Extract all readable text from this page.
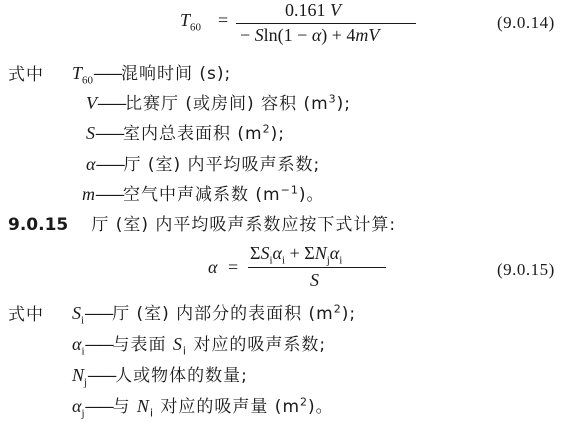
$T_{60}$ =	0.161 V
− Sln(1 − α) + 4mV
(9.0.14)
式中 $T_{60}——$混响时间 (s);
V——比赛厅 (或房间) 容积 $(m^3)$;
S——室内总表面积 $(m^2)$;
α——厅 (室) 内平均吸声系数;
m——空气中声减系数 $(m^{-1})$。
9.0.15 厅 (室) 内平均吸声系数应按下式计算:
α =
$\Sigma S_i\alpha_i + \Sigma N_j\alpha_i$
S
(9.0.15)
式中 $S_i——$厅 (室) 内部分的表面积 $(m^2)$;
$\alpha_i——$与表面 $S_i$ 对应的吸声系数;
$N_j——$人或物体的数量;
$\alpha_j——$与 $N_i$ 对应的吸声量 $(m^2)$。
